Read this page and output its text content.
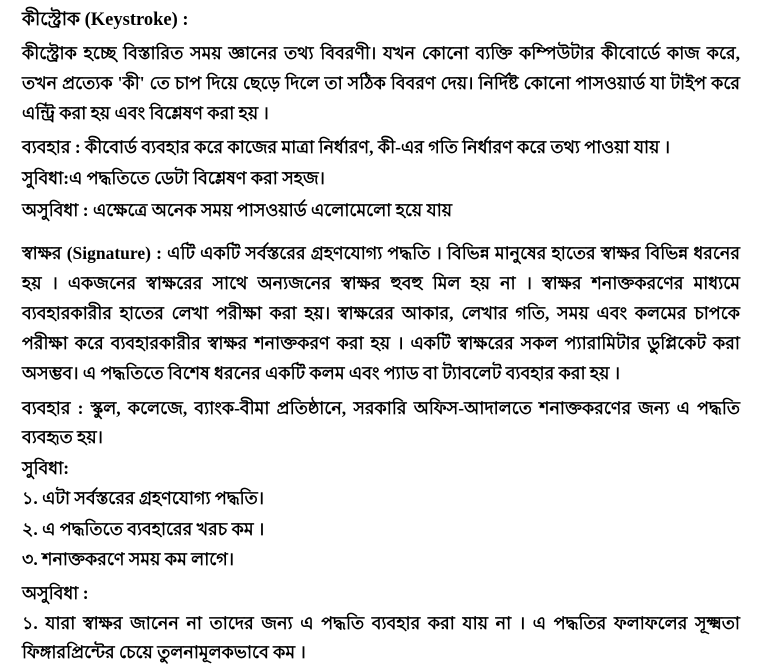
কীস্ট্রোক (Keystroke) :
কীস্ট্রোক হচ্ছে বিস্তারিত সময় জ্ঞানের তথ্য বিবরণী। যখন কোনো ব্যক্তি কম্পিউটার কীবোর্ডে কাজ করে, তখন প্রত্যেক 'কী' তে চাপ দিয়ে ছেড়ে দিলে তা সঠিক বিবরণ দেয়। নির্দিষ্ট কোনো পাসওয়ার্ড যা টাইপ করে এন্ট্রি করা হয় এবং বিশ্লেষণ করা হয় ।
ব্যবহার : কীবোর্ড ব্যবহার করে কাজের মাত্রা নির্ধারণ, কী-এর গতি নির্ধারণ করে তথ্য পাওয়া যায় ।
সুবিধা:এ পদ্ধতিতে ডেটা বিশ্লেষণ করা সহজ।
অসুবিধা : এক্ষেত্রে অনেক সময় পাসওয়ার্ড এলোমেলো হয়ে যায়
স্বাক্ষর (Signature) : এটি একটি সর্বস্তরের গ্রহণযোগ্য পদ্ধতি । বিভিন্ন মানুষের হাতের স্বাক্ষর বিভিন্ন ধরনের হয় । একজনের স্বাক্ষরের সাথে অন্যজনের স্বাক্ষর হুবহু মিল হয় না । স্বাক্ষর শনাক্তকরণের মাধ্যমে ব্যবহারকারীর হাতের লেখা পরীক্ষা করা হয়। স্বাক্ষরের আকার, লেখার গতি, সময় এবং কলমের চাপকে পরীক্ষা করে ব্যবহারকারীর স্বাক্ষর শনাক্তকরণ করা হয় । একটি স্বাক্ষরের সকল প্যারামিটার ডুপ্লিকেট করা অসম্ভব। এ পদ্ধতিতে বিশেষ ধরনের একটি কলম এবং প্যাড বা ট্যাবলেট ব্যবহার করা হয় ।
ব্যবহার : স্কুল, কলেজে, ব্যাংক-বীমা প্রতিষ্ঠানে, সরকারি অফিস-আদালতে শনাক্তকরণের জন্য এ পদ্ধতি ব্যবহৃত হয়।
সুবিধা:
১. এটা সর্বস্তরের গ্রহণযোগ্য পদ্ধতি।
২. এ পদ্ধতিতে ব্যবহারের খরচ কম ।
৩. শনাক্তকরণে সময় কম লাগে।
অসুবিধা :
১. যারা স্বাক্ষর জানেন না তাদের জন্য এ পদ্ধতি ব্যবহার করা যায় না । এ পদ্ধতির ফলাফলের সূক্ষ্মতা ফিঙ্গারপ্রিন্টের চেয়ে তুলনামূলকভাবে কম ।
